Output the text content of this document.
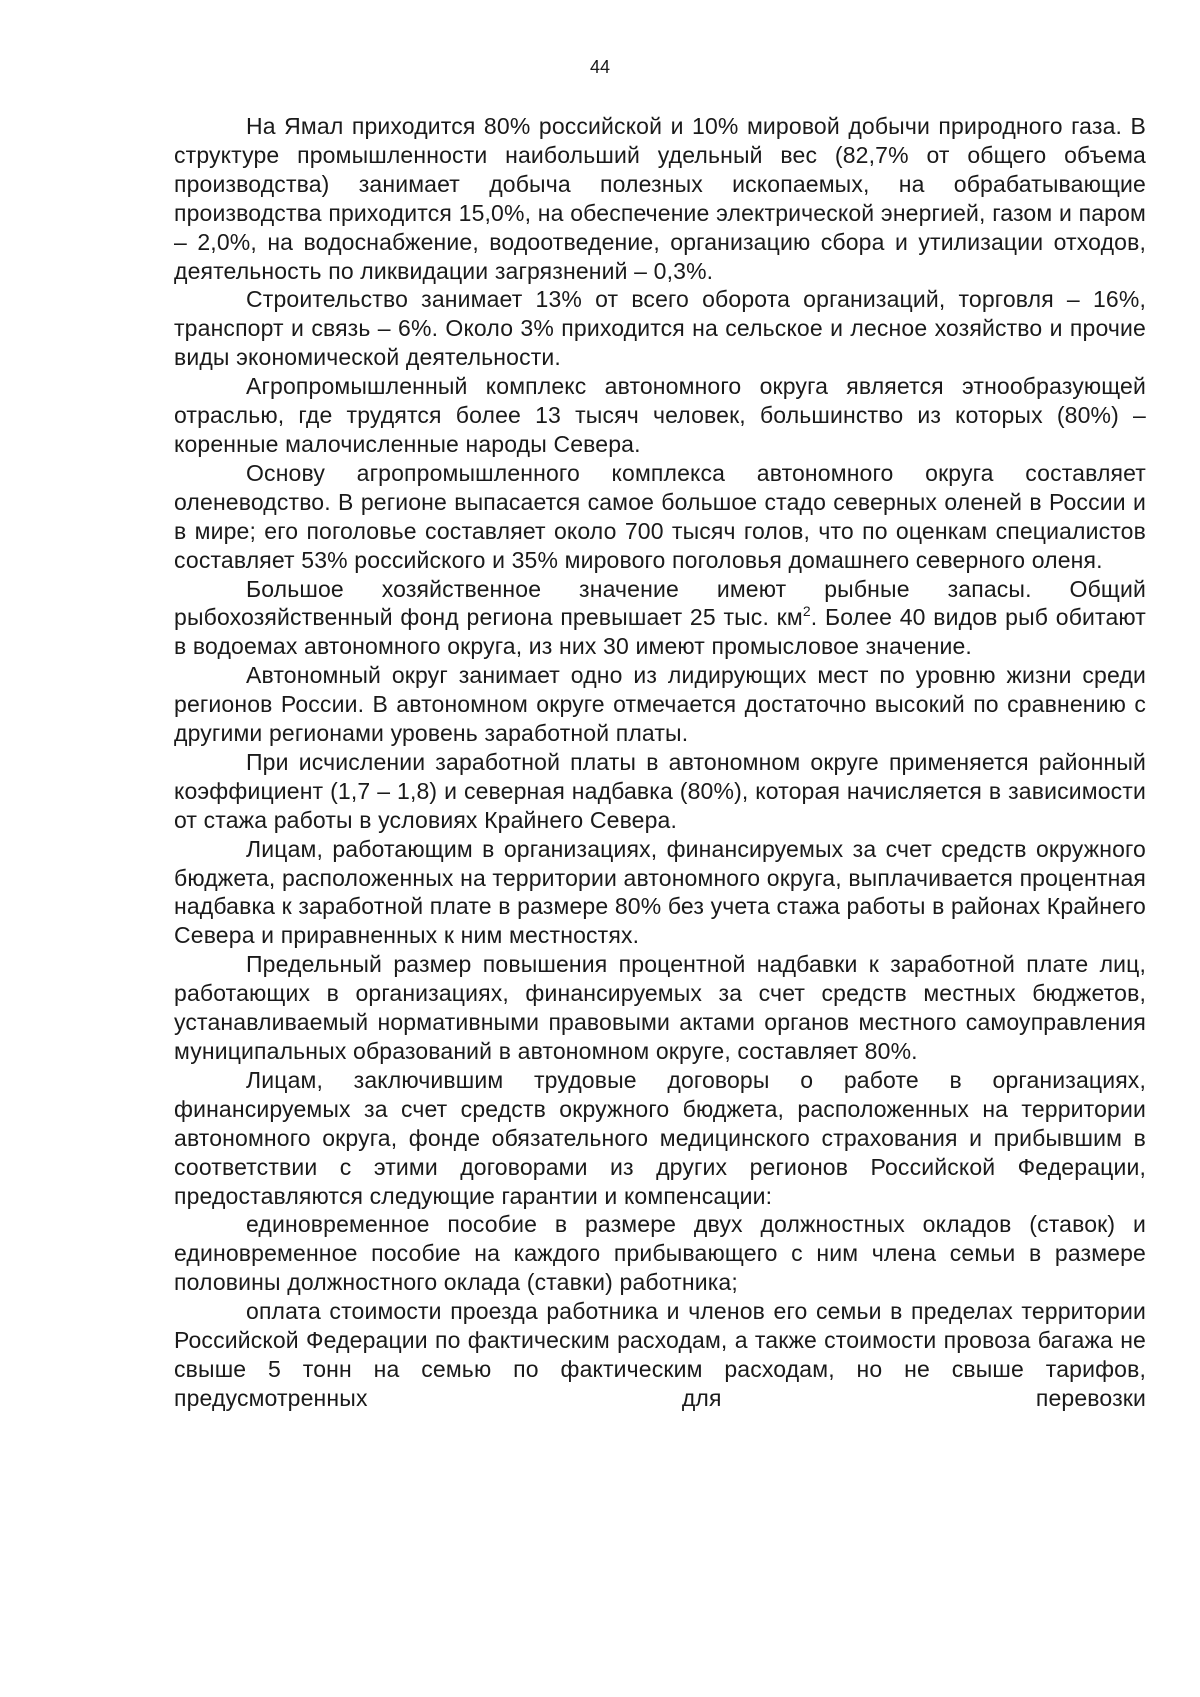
44

На Ямал приходится 80% российской и 10% мировой добычи природного газа. В структуре промышленности наибольший удельный вес (82,7% от общего объема производства) занимает добыча полезных ископаемых, на обрабатывающие производства приходится 15,0%, на обеспечение электрической энергией, газом и паром – 2,0%, на водоснабжение, водоотведение, организацию сбора и утилизации отходов, деятельность по ликвидации загрязнений – 0,3%.

Строительство занимает 13% от всего оборота организаций, торговля – 16%, транспорт и связь – 6%. Около 3% приходится на сельское и лесное хозяйство и прочие виды экономической деятельности.

Агропромышленный комплекс автономного округа является этнообразующей отраслью, где трудятся более 13 тысяч человек, большинство из которых (80%) – коренные малочисленные народы Севера.

Основу агропромышленного комплекса автономного округа составляет оленеводство. В регионе выпасается самое большое стадо северных оленей в России и в мире; его поголовье составляет около 700 тысяч голов, что по оценкам специалистов составляет 53% российского и 35% мирового поголовья домашнего северного оленя.

Большое хозяйственное значение имеют рыбные запасы. Общий рыбохозяйственный фонд региона превышает 25 тыс. $км^2$. Более 40 видов рыб обитают в водоемах автономного округа, из них 30 имеют промысловое значение.

Автономный округ занимает одно из лидирующих мест по уровню жизни среди регионов России. В автономном округе отмечается достаточно высокий по сравнению с другими регионами уровень заработной платы.

При исчислении заработной платы в автономном округе применяется районный коэффициент (1,7 – 1,8) и северная надбавка (80%), которая начисляется в зависимости от стажа работы в условиях Крайнего Севера.

Лицам, работающим в организациях, финансируемых за счет средств окружного бюджета, расположенных на территории автономного округа, выплачивается процентная надбавка к заработной плате в размере 80% без учета стажа работы в районах Крайнего Севера и приравненных к ним местностях.

Предельный размер повышения процентной надбавки к заработной плате лиц, работающих в организациях, финансируемых за счет средств местных бюджетов, устанавливаемый нормативными правовыми актами органов местного самоуправления муниципальных образований в автономном округе, составляет 80%.

Лицам, заключившим трудовые договоры о работе в организациях, финансируемых за счет средств окружного бюджета, расположенных на территории автономного округа, фонде обязательного медицинского страхования и прибывшим в соответствии с этими договорами из других регионов Российской Федерации, предоставляются следующие гарантии и компенсации:

единовременное пособие в размере двух должностных окладов (ставок) и единовременное пособие на каждого прибывающего с ним члена семьи в размере половины должностного оклада (ставки) работника;

оплата стоимости проезда работника и членов его семьи в пределах территории Российской Федерации по фактическим расходам, а также стоимости провоза багажа не свыше 5 тонн на семью по фактическим расходам, но не свыше тарифов, предусмотренных для перевозки
